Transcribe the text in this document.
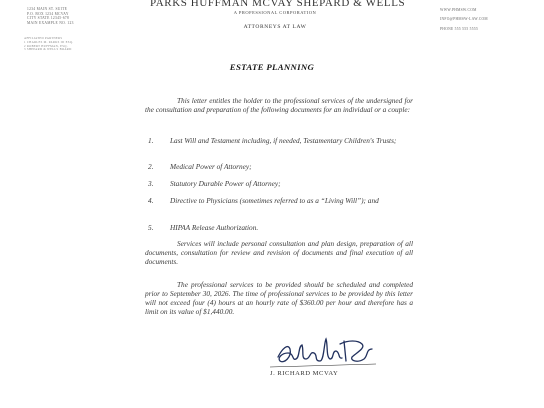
PARKS HUFFMAN MCVAY SHEPARD & WELLS
A PROFESSIONAL CORPORATION
ATTORNEYS AT LAW
1234 MAIN ST. SUITE
P.O. BOX 1234 MCVAY
CITY STATE 12345-678
MAIN EXAMPLE NO. 123
WWW.PHMSW.COM
INFO@PHMSW-LAW.COM
PHONE 555 555 5555
AFFILIATED PARTNERS
1 CHARLES M. PARKS III ESQ.
2 ROBERT HUFFMAN, ESQ.
3 SHEPARD & WELLS BOARD
ESTATE PLANNING
This letter entitles the holder to the professional services of the undersigned for the consultation and preparation of the following documents for an individual or a couple:
1. Last Will and Testament including, if needed, Testamentary Children's Trusts;
2. Medical Power of Attorney;
3. Statutory Durable Power of Attorney;
4. Directive to Physicians (sometimes referred to as a “Living Will”); and
5. HIPAA Release Authorization.
Services will include personal consultation and plan design, preparation of all documents, consultation for review and revision of documents and final execution of all documents.
The professional services to be provided should be scheduled and completed prior to September 30, 2026. The time of professional services to be provided by this letter will not exceed four (4) hours at an hourly rate of $360.00 per hour and therefore has a limit on its value of $1,440.00.
J. RICHARD MCVAY
